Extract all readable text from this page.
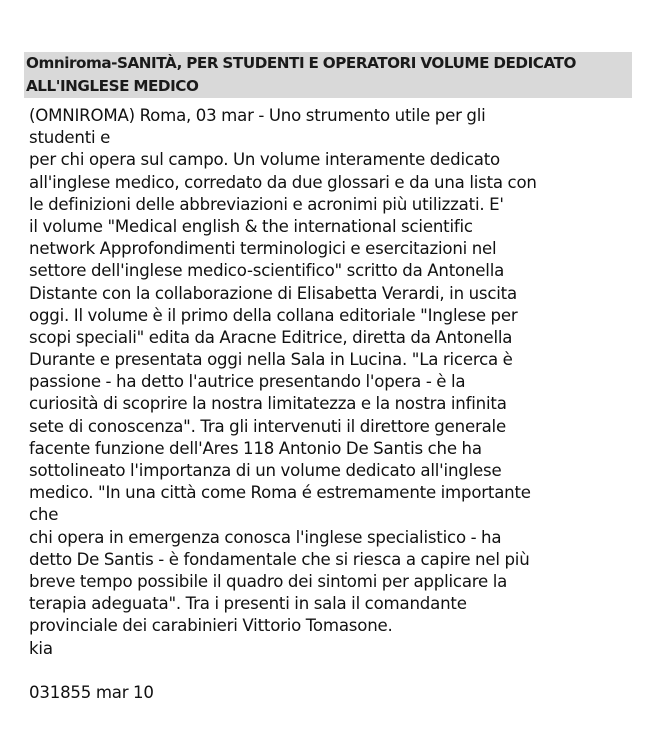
Omniroma-SANITÀ, PER STUDENTI E OPERATORI VOLUME DEDICATO
ALL'INGLESE MEDICO
(OMNIROMA) Roma, 03 mar - Uno strumento utile per gli
studenti e
per chi opera sul campo. Un volume interamente dedicato
all'inglese medico, corredato da due glossari e da una lista con
le definizioni delle abbreviazioni e acronimi più utilizzati. E'
il volume "Medical english & the international scientific
network Approfondimenti terminologici e esercitazioni nel
settore dell'inglese medico-scientifico" scritto da Antonella
Distante con la collaborazione di Elisabetta Verardi, in uscita
oggi. Il volume è il primo della collana editoriale "Inglese per
scopi speciali" edita da Aracne Editrice, diretta da Antonella
Durante e presentata oggi nella Sala in Lucina. "La ricerca è
passione - ha detto l'autrice presentando l'opera - è la
curiosità di scoprire la nostra limitatezza e la nostra infinita
sete di conoscenza". Tra gli intervenuti il direttore generale
facente funzione dell'Ares 118 Antonio De Santis che ha
sottolineato l'importanza di un volume dedicato all'inglese
medico. "In una città come Roma é estremamente importante
che
chi opera in emergenza conosca l'inglese specialistico - ha
detto De Santis - è fondamentale che si riesca a capire nel più
breve tempo possibile il quadro dei sintomi per applicare la
terapia adeguata". Tra i presenti in sala il comandante
provinciale dei carabinieri Vittorio Tomasone.
kia
031855 mar 10
